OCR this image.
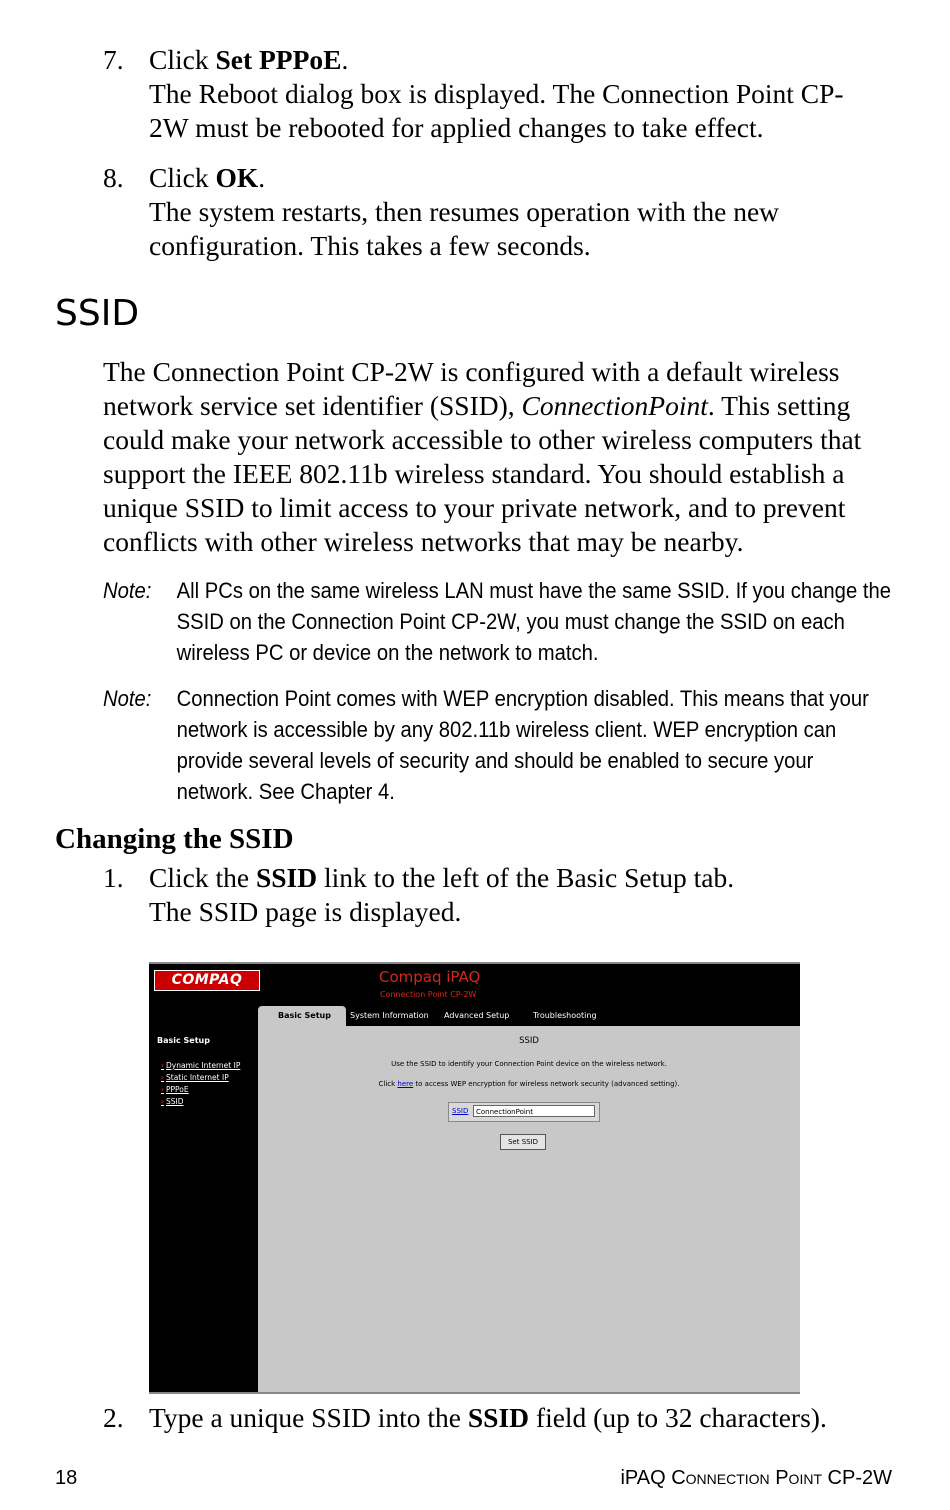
7. Click Set PPPoE.
The Reboot dialog box is displayed. The Connection Point CP-2W must be rebooted for applied changes to take effect.
8. Click OK.
The system restarts, then resumes operation with the new configuration. This takes a few seconds.
SSID
The Connection Point CP-2W is configured with a default wireless network service set identifier (SSID), ConnectionPoint. This setting could make your network accessible to other wireless computers that support the IEEE 802.11b wireless standard. You should establish a unique SSID to limit access to your private network, and to prevent conflicts with other wireless networks that may be nearby.
Note: All PCs on the same wireless LAN must have the same SSID. If you change the SSID on the Connection Point CP-2W, you must change the SSID on each wireless PC or device on the network to match.
Note: Connection Point comes with WEP encryption disabled. This means that your network is accessible by any 802.11b wireless client. WEP encryption can provide several levels of security and should be enabled to secure your network. See Chapter 4.
Changing the SSID
1. Click the SSID link to the left of the Basic Setup tab.
The SSID page is displayed.
COMPAQ	Compaq iPAQ
Connection Point CP-2W
Basic Setup	System Information Advanced Setup	Troubleshooting
Basic Setup
› Dynamic Internet IP
› Static Internet IP
› PPPoE
› SSID
SSID
Use the SSID to identify your Connection Point device on the wireless network.
Click here to access WEP encryption for wireless network security (advanced setting).
SSID	ConnectionPoint
Set SSID
2. Type a unique SSID into the SSID field (up to 32 characters).
18	iPAQ Connection Point CP-2W
